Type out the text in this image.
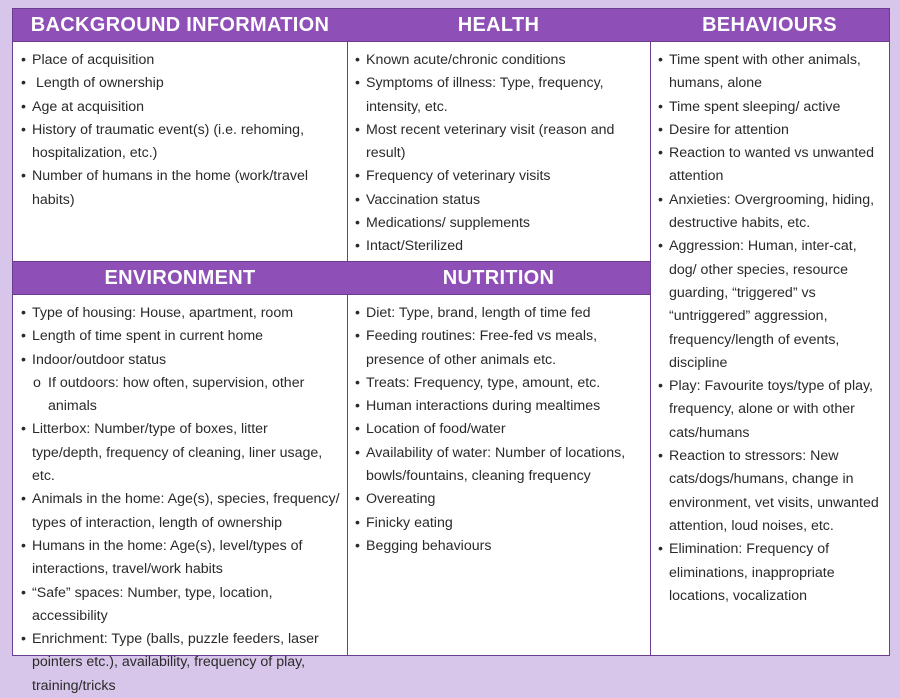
BACKGROUND INFORMATION
• Place of acquisition
• Length of ownership
• Age at acquisition
• History of traumatic event(s) (i.e. rehoming, hospitalization, etc.)
• Number of humans in the home (work/travel habits)
ENVIRONMENT
• Type of housing: House, apartment, room
• Length of time spent in current home
• Indoor/outdoor status
o If outdoors: how often, supervision, other animals
• Litterbox: Number/type of boxes, litter type/depth, frequency of cleaning, liner usage, etc.
• Animals in the home: Age(s), species, frequency/ types of interaction, length of ownership
• Humans in the home: Age(s), level/types of interactions, travel/work habits
• “Safe” spaces: Number, type, location, accessibility
• Enrichment: Type (balls, puzzle feeders, laser pointers etc.), availability, frequency of play, training/tricks
HEALTH
• Known acute/chronic conditions
• Symptoms of illness: Type, frequency, intensity, etc.
• Most recent veterinary visit (reason and result)
• Frequency of veterinary visits
• Vaccination status
• Medications/ supplements
• Intact/Sterilized
NUTRITION
• Diet: Type, brand, length of time fed
• Feeding routines: Free-fed vs meals, presence of other animals etc.
• Treats: Frequency, type, amount, etc.
• Human interactions during mealtimes
• Location of food/water
• Availability of water: Number of locations, bowls/fountains, cleaning frequency
• Overeating
• Finicky eating
• Begging behaviours
BEHAVIOURS
• Time spent with other animals, humans, alone
• Time spent sleeping/ active
• Desire for attention
• Reaction to wanted vs unwanted attention
• Anxieties: Overgrooming, hiding, destructive habits, etc.
• Aggression: Human, inter-cat, dog/ other species, resource guarding, “triggered” vs “untriggered” aggression, frequency/length of events, discipline
• Play: Favourite toys/type of play, frequency, alone or with other cats/humans
• Reaction to stressors: New cats/dogs/humans, change in environment, vet visits, unwanted attention, loud noises, etc.
• Elimination: Frequency of eliminations, inappropriate locations, vocalization
